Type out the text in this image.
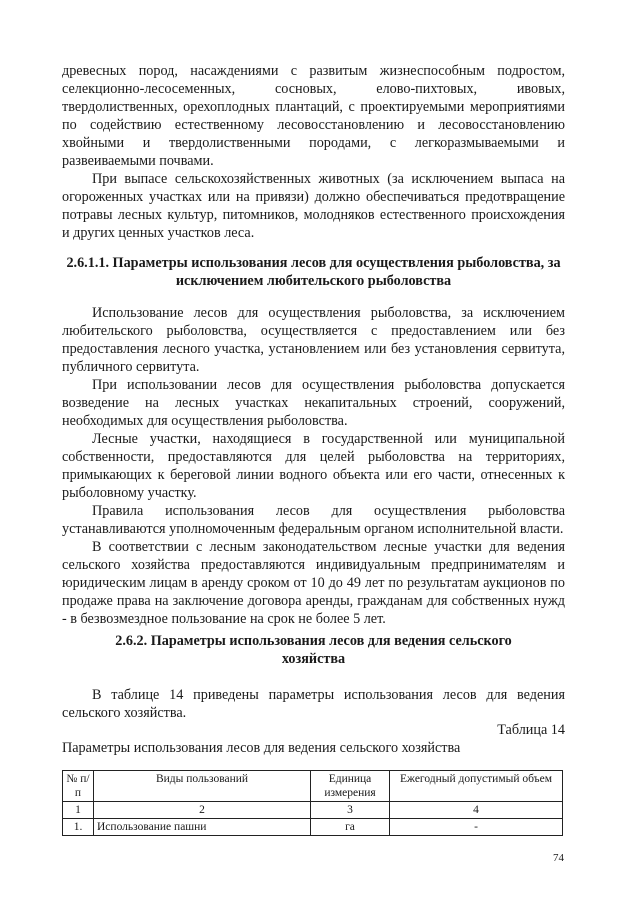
древесных пород, насаждениями с развитым жизнеспособным подростом, селекционно-лесосеменных, сосновых, елово-пихтовых, ивовых, твердолиственных, орехоплодных плантаций, с проектируемыми мероприятиями по содействию естественному лесовосстановлению и лесовосстановлению хвойными и твердолиственными породами, с легкоразмываемыми и развеиваемыми почвами.

При выпасе сельскохозяйственных животных (за исключением выпаса на огороженных участках или на привязи) должно обеспечиваться предотвращение потравы лесных культур, питомников, молодняков естественного происхождения и других ценных участков леса.

2.6.1.1. Параметры использования лесов для осуществления рыболовства, за исключением любительского рыболовства

Использование лесов для осуществления рыболовства, за исключением любительского рыболовства, осуществляется с предоставлением или без предоставления лесного участка, установлением или без установления сервитута, публичного сервитута.

При использовании лесов для осуществления рыболовства допускается возведение на лесных участках некапитальных строений, сооружений, необходимых для осуществления рыболовства.

Лесные участки, находящиеся в государственной или муниципальной собственности, предоставляются для целей рыболовства на территориях, примыкающих к береговой линии водного объекта или его части, отнесенных к рыболовному участку.

Правила использования лесов для осуществления рыболовства устанавливаются уполномоченным федеральным органом исполнительной власти.

В соответствии с лесным законодательством лесные участки для ведения сельского хозяйства предоставляются индивидуальным предпринимателям и юридическим лицам в аренду сроком от 10 до 49 лет по результатам аукционов по продаже права на заключение договора аренды, гражданам для собственных нужд - в безвозмездное пользование на срок не более 5 лет.

2.6.2. Параметры использования лесов для ведения сельского хозяйства

В таблице 14 приведены параметры использования лесов для ведения сельского хозяйства.

Таблица 14
Параметры использования лесов для ведения сельского хозяйства
№ п/п	Виды пользований	Единица измерения	Ежегодный допустимый объем
1	2	3	4
1.	Использование пашни	га	-
74
